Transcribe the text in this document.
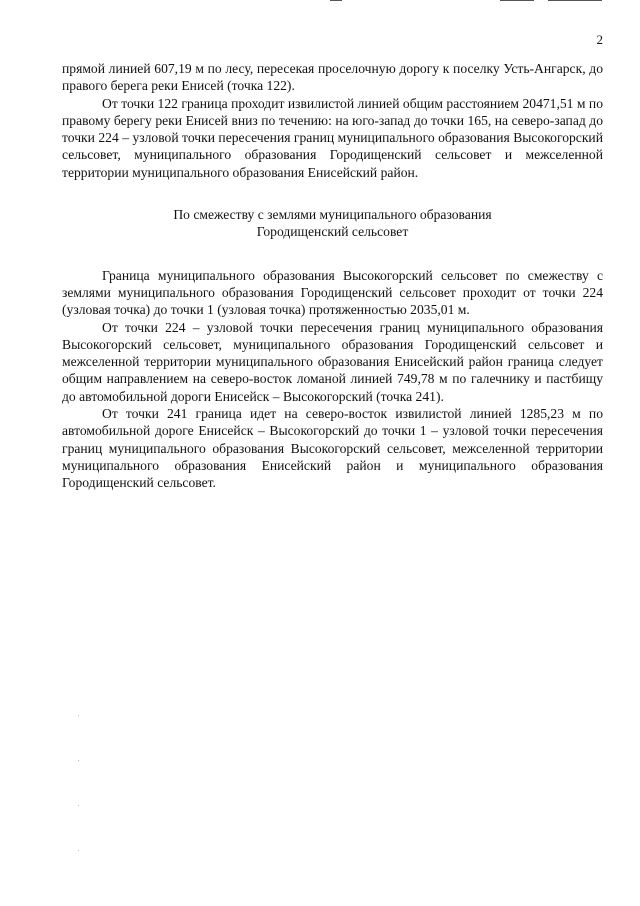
2

прямой линией 607,19 м по лесу, пересекая проселочную дорогу к поселку Усть-Ангарск, до правого берега реки Енисей (точка 122).

От точки 122 граница проходит извилистой линией общим расстоянием 20471,51 м по правому берегу реки Енисей вниз по течению: на юго-запад до точки 165, на северо-запад до точки 224 – узловой точки пересечения границ муниципального образования Высокогорский сельсовет, муниципального образования Городищенский сельсовет и межселенной территории муниципального образования Енисейский район.

По смежеству с землями муниципального образования
Городищенский сельсовет

Граница муниципального образования Высокогорский сельсовет по смежеству с землями муниципального образования Городищенский сельсовет проходит от точки 224 (узловая точка) до точки 1 (узловая точка) протяженностью 2035,01 м.

От точки 224 – узловой точки пересечения границ муниципального образования Высокогорский сельсовет, муниципального образования Городищенский сельсовет и межселенной территории муниципального образования Енисейский район граница следует общим направлением на северо-восток ломаной линией 749,78 м по галечнику и пастбищу до автомобильной дороги Енисейск – Высокогорский (точка 241).

От точки 241 граница идет на северо-восток извилистой линией 1285,23 м по автомобильной дороге Енисейск – Высокогорский до точки 1 – узловой точки пересечения границ муниципального образования Высокогорский сельсовет, межселенной территории муниципального образования Енисейский район и муниципального образования Городищенский сельсовет.
